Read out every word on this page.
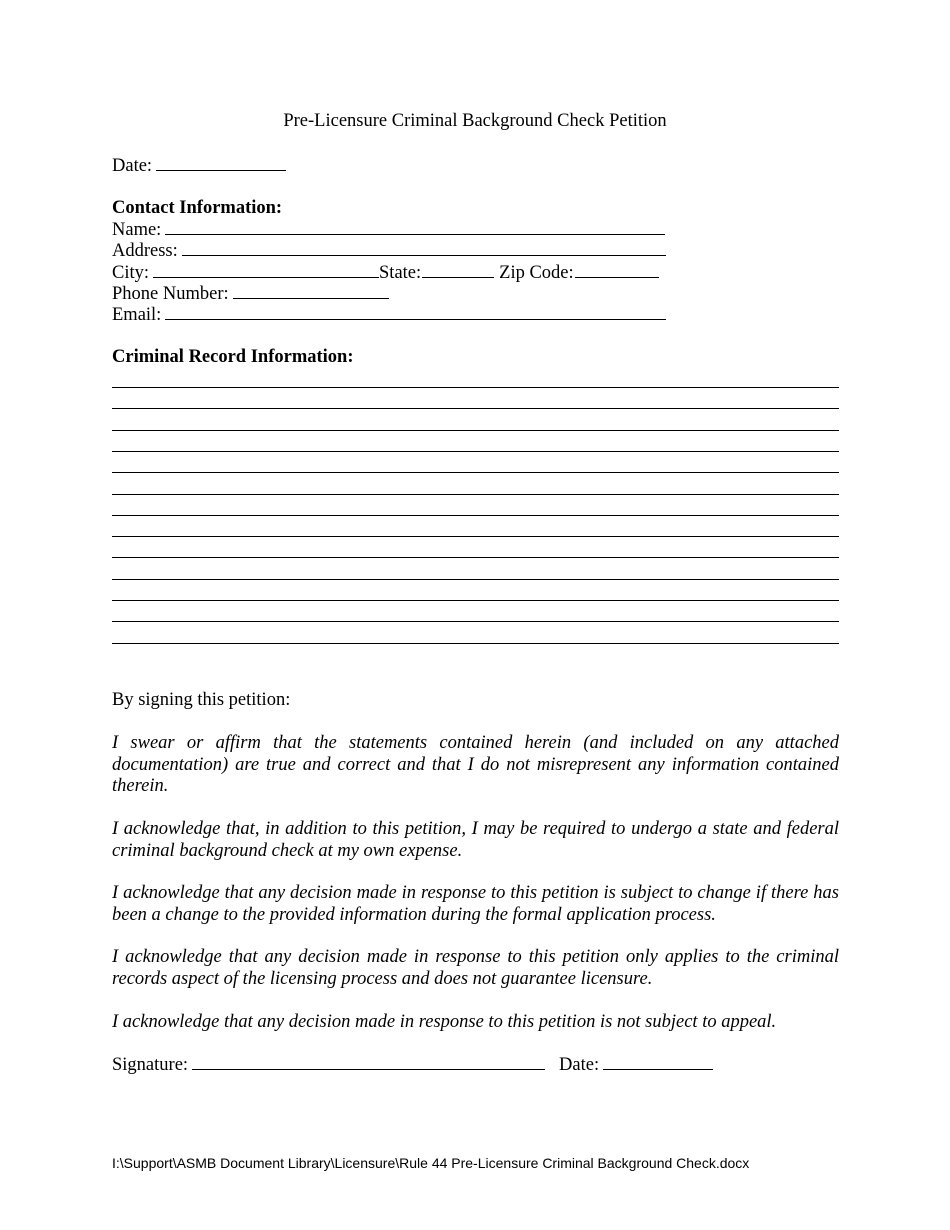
Pre-Licensure Criminal Background Check Petition
Date:
Contact Information:
Name:
Address:
City:	State:	Zip Code:
Phone Number:
Email:
Criminal Record Information:
By signing this petition:
I swear or affirm that the statements contained herein (and included on any attached documentation) are true and correct and that I do not misrepresent any information contained therein.
I acknowledge that, in addition to this petition, I may be required to undergo a state and federal criminal background check at my own expense.
I acknowledge that any decision made in response to this petition is subject to change if there has been a change to the provided information during the formal application process.
I acknowledge that any decision made in response to this petition only applies to the criminal records aspect of the licensing process and does not guarantee licensure.
I acknowledge that any decision made in response to this petition is not subject to appeal.
Signature:	Date:
I:\Support\ASMB Document Library\Licensure\Rule 44 Pre-Licensure Criminal Background Check.docx
